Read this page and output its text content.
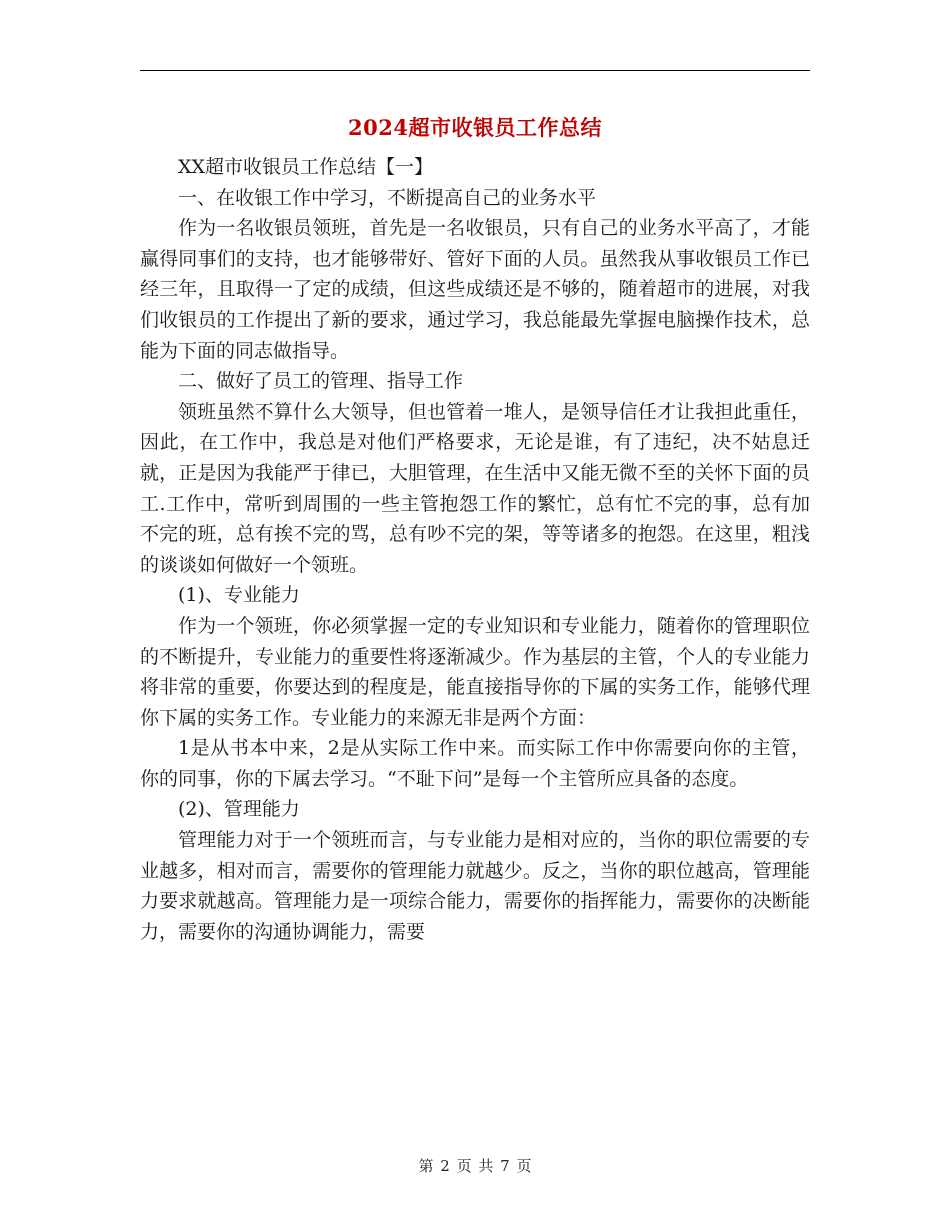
2024超市收银员工作总结

XX超市收银员工作总结【一】

一、在收银工作中学习，不断提高自己的业务水平

作为一名收银员领班，首先是一名收银员，只有自己的业务水平高了，才能赢得同事们的支持，也才能够带好、管好下面的人员。虽然我从事收银员工作已经三年，且取得一了定的成绩，但这些成绩还是不够的，随着超市的进展，对我们收银员的工作提出了新的要求，通过学习，我总能最先掌握电脑操作技术，总能为下面的同志做指导。

二、做好了员工的管理、指导工作

领班虽然不算什么大领导，但也管着一堆人，是领导信任才让我担此重任，因此，在工作中，我总是对他们严格要求，无论是谁，有了违纪，决不姑息迁就，正是因为我能严于律已，大胆管理，在生活中又能无微不至的关怀下面的员工.工作中，常听到周围的一些主管抱怨工作的繁忙，总有忙不完的事，总有加不完的班，总有挨不完的骂，总有吵不完的架，等等诸多的抱怨。在这里，粗浅的谈谈如何做好一个领班。

(1)、专业能力

作为一个领班，你必须掌握一定的专业知识和专业能力，随着你的管理职位的不断提升，专业能力的重要性将逐渐减少。作为基层的主管，个人的专业能力将非常的重要，你要达到的程度是，能直接指导你的下属的实务工作，能够代理你下属的实务工作。专业能力的来源无非是两个方面：

1是从书本中来，2是从实际工作中来。而实际工作中你需要向你的主管，你的同事，你的下属去学习。“不耻下问”是每一个主管所应具备的态度。

(2)、管理能力

管理能力对于一个领班而言，与专业能力是相对应的，当你的职位需要的专业越多，相对而言，需要你的管理能力就越少。反之，当你的职位越高，管理能力要求就越高。管理能力是一项综合能力，需要你的指挥能力，需要你的决断能力，需要你的沟通协调能力，需要

第 2 页 共 7 页
